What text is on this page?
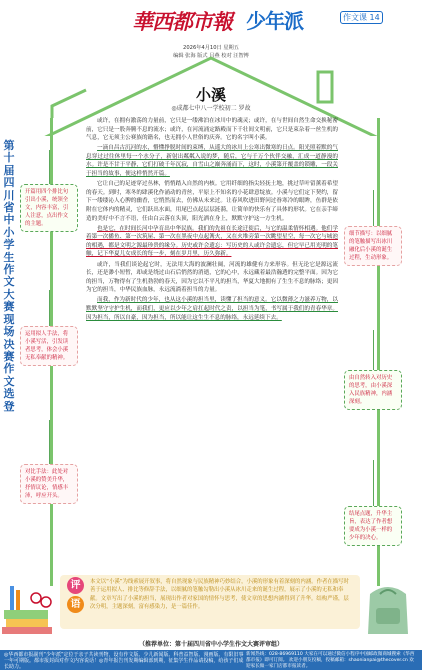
華西都市報 少年派	作文课 14
2026年4月10日 星期五
编辑 张海 版式 吕燕 校对 汪智博
小溪
◎成都七中八一学校初二 罗故
第
十
届
四
川
省
中
小
学
生
作
文
大
赛
现
场
决
赛
作
文
选
登

或许，在拥有激荡的力量前，它只是一缕沸泊在冰川中的魂灵；或许，在与世间自然生命交换秘密前，它只是一股奔腾不息的流水；或许，在河流涌定路殿而下千壮间文明前，它只是束杂着一丝生机的气息，它无须主公赛族的籍名，也无拥小人世俗的庆奔。它的名字叫小溪。

一滴自昌古沉河的水，懵懂挣脱时间的束缚，从遥大的冰川上公寒出微寒的日点。阳光照着默的气息穿过过往休里每一个水分子，新射出粼粼入说的梦，随后，它与千万个伙伴交融，汇成一道静漫的水。许是不甘于平静，它们打破千年沉寂，自雪山之巅奔涌而下，这时，小溪第开覆盖的锁雕，一段关于担当的故事，便这样悄然开篇。

它让自己的足迹穿过丛林，悄悄踏入自然的内核。它用纤细的指尖轻抚土地，挑过草叶留薰着希望的春天。到时，寒冬的肆溪化作涌动的青丝，平原上不知名的小花肆意绽放。小溪与它们定下契约，留下一缕缕沁人心脾的幽香，它悄然而去，仿佛从未来过。让春风吹进田野问过眷寒冷的眼眸，鱼群是依附在它体内的精灵，它们跃出水面，用尾巴点起层层涟漪，让简单的快乐有了具体的形状。它在亲手缔造的美好中不言不语，任由白云落在头顶，阳光洒在身上，默默守护这一方生机。

也是它，在时间长河中孕育出中华民族。我们的先祖在长途迁徙后，与它的温柔情怀相遇。他们学着第一次播鱼、第一次筑屋、第一次在黑夜中点起篝火，又在火堆旁第一次眺望星空，每一次它与城池的相遇，都是文明之源最珍贵的缘分。历史或许会遗忘：写历史的人或许会遗忘，但它早已用光明的笔触，记下华夏儿女成长的每一步，刻在岁月里，历久弥新。

或许，当我们谈论起它时，无法用大海的波澜壮阔，河流的雄健有力来形容。但无论它是源远流长，还是渺小短暂，却或是绕过山石后悄然的消逝，它的心中，永远藏着最浩瀚透的完整平面。因为它的担当，万物得有了生机勃勃的春天，因为它以不平凡的担当，华夏大地拥有了生生不息的脉络；更因为它的担当，中华民族血脉，永远流淌着担当的力量。

而我，作为新时代的少年，也从这小溪的担当里，读懂了担当的意义。它以微薄之力滋养万物，以默默坚守守护生机，而我们，更应以少年之肩扛起时代之责，以担当为笔，书写属于我们的青春华章。因为担当，所以自豪，因为担当，所以能让这生生不息的脉络，永远延续下去。

开篇用四个排比句引出小溪，统领全文，内容丰富，引人注意，点出作文的主题。
细节描写：以细腻的笔触描写出冰川融化后小溪的诞生过程，生动形象。
运用拟人手法，将小溪写活，引发读者思考，体会小溪无私奉献的精神。
由自然转入对历史的思考，由小溪深入民族精神，内涵深刻。
对比手法：此处对小溪的赞美升华，抒情议论，情感丰沛，呼应开头。
结尾点题，升华主旨，表达了作者想要成为小溪一样的少年的决心。
评
语
本文以“小溪”为线索展开叙事，将自然现象与民族精神巧妙结合，小溪的形象有着深刻的内涵。作者在描写时善于运用拟人、排比等修辞手法，以细腻的笔触勾勒出小溪从冰川走来的诞生过程，展示了小溪的无私和奉献。文章写出了小溪的担当，展现出作者对家国的情怀与思考，使文章的思想内涵得到了升华。结构严谨，层次分明，主题深刻，富有感染力，是一篇佳作。
（推荐单位：第十届四川省中小学生作文大赛评审组）
◎华西都市报副刊“少年派”定位于亲子共读刊物，设有作文版、少儿新闻版、科普益智版、漫画版、有限旧事一年可期版。都市报封面对作文内容说话！◎青年报告刊发期编辑部到期，征集学生作品请投稿，给孩子们成长助力。
新闻热线：028-86969110 大家在可以通过微信小程序中国邮政微商城搜索《华西都市报》即可订阅。 欢迎小朋友投稿，投稿邮箱：shaonianpai@thecover.cn 欢迎家长做一家门店都市报读者。
